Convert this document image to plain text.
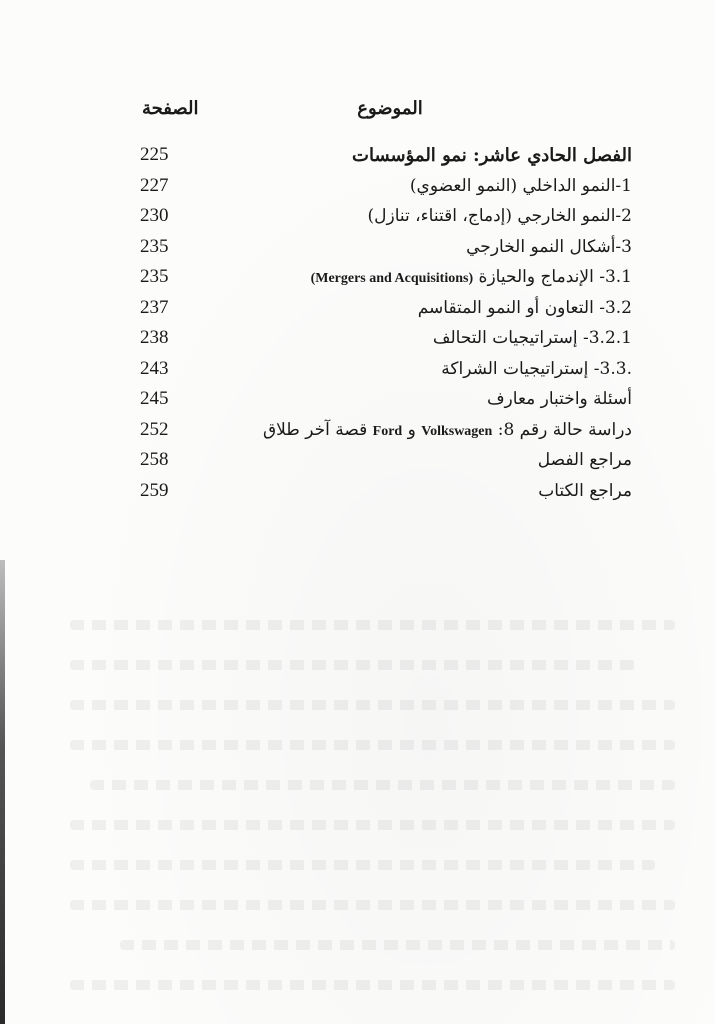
الصفحة	الموضوع
225	الفصل الحادي عاشر: نمو المؤسسات
227	1-النمو الداخلي (النمو العضوي)
230	2-النمو الخارجي (إدماج، اقتناء، تنازل)
235	3-أشكال النمو الخارجي
235	3.1- الإندماج والحيازة (Mergers and Acquisitions)
237	3.2- التعاون أو النمو المتقاسم
238	3.2.1- إستراتيجيات التحالف
243	.3.3- إستراتيجيات الشراكة
245	أسئلة واختبار معارف
252	دراسة حالة رقم 8: Volkswagen و Ford قصة آخر طلاق
258	مراجع الفصل
259	مراجع الكتاب
